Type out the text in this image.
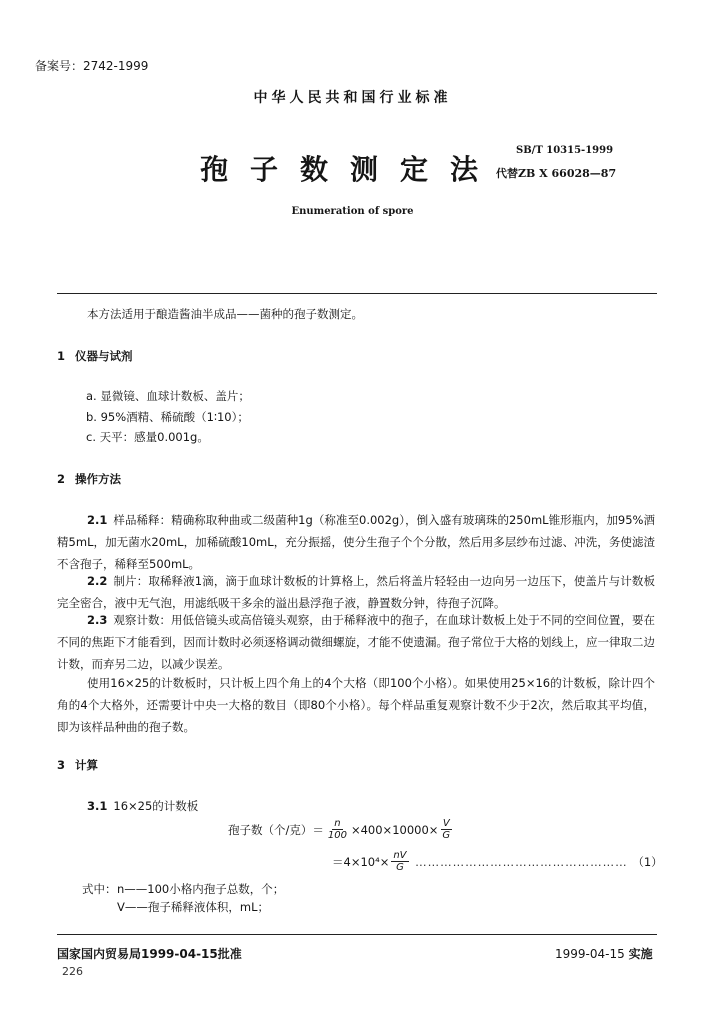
备案号：2742-1999
中华人民共和国行业标准
孢子数测定法
SB/T 10315-1999
代替ZB X 66028—87
Enumeration of spore
本方法适用于酿造酱油半成品——菌种的孢子数测定。
1 仪器与试剂
a. 显微镜、血球计数板、盖片；
b. 95%酒精、稀硫酸（1∶10）；
c. 天平：感量0.001g。
2 操作方法
2.1 样品稀释：精确称取种曲或二级菌种1g（称准至0.002g），倒入盛有玻璃珠的250mL锥形瓶内，加95%酒精5mL，加无菌水20mL，加稀硫酸10mL，充分振摇，使分生孢子个个分散，然后用多层纱布过滤、冲洗，务使滤渣不含孢子，稀释至500mL。
2.2 制片：取稀释液1滴，滴于血球计数板的计算格上，然后将盖片轻轻由一边向另一边压下，使盖片与计数板完全密合，液中无气泡，用滤纸吸干多余的溢出悬浮孢子液，静置数分钟，待孢子沉降。
2.3 观察计数：用低倍镜头或高倍镜头观察，由于稀释液中的孢子，在血球计数板上处于不同的空间位置，要在不同的焦距下才能看到，因而计数时必须逐格调动微细螺旋，才能不使遗漏。孢子常位于大格的划线上，应一律取二边计数，而弃另二边，以减少误差。
使用16×25的计数板时，只计板上四个角上的4个大格（即100个小格）。如果使用25×16的计数板，除计四个角的4个大格外，还需要计中央一大格的数目（即80个小格）。每个样品重复观察计数不少于2次，然后取其平均值，即为该样品种曲的孢子数。
3 计算
3.1 16×25的计数板
孢子数（个/克）＝ $\frac{n}{100} \times 400\times 10000\times \frac{V}{G}$
$=4\times 10^4\times \frac{nV}{G}$ …………………………………………… （1）
式中： n——100小格内孢子总数，个；
V——孢子稀释液体积，mL；
国家国内贸易局1999-04-15批准	1999-04-15 实施
226
